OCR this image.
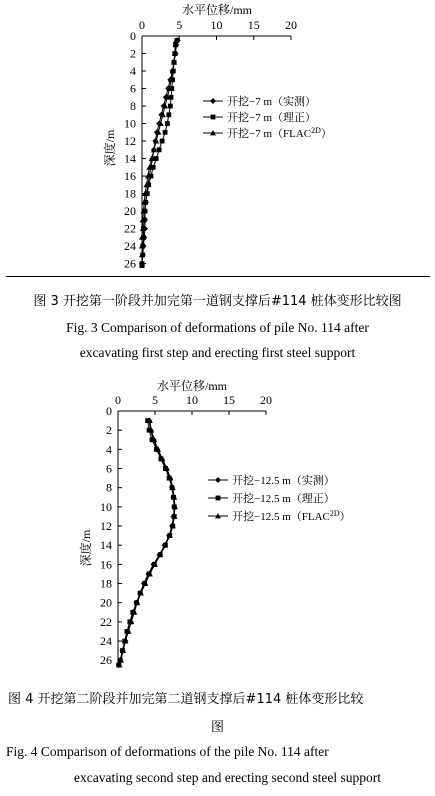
水平位移/mm
0	5 10 15 20
0
2
4
6
8
10
12
14
16
18
20
22
24
26
深度/m
开挖−7 m（实测）
开挖−7 m（理正）
开挖−7 $m(FLAC^{2D})$
图 3 开挖第一阶段并加完第一道钢支撑后#114 桩体变形比较图
Fig. 3 Comparison of deformations of pile No. 114 after
excavating first step and erecting first steel support
水平位移/mm
0	5 10 15 20
0
2
4
6
8
10
12
14
16
18
20
22
24
26
深度/m
开挖−12.5 m（实测）
开挖−12.5 m（理正）
开挖−12.5 $m(FLAC^{2D})$
图 4 开挖第二阶段并加完第二道钢支撑后#114 桩体变形比较
图
Fig. 4 Comparison of deformations of the pile No. 114 after
excavating second step and erecting second steel support
